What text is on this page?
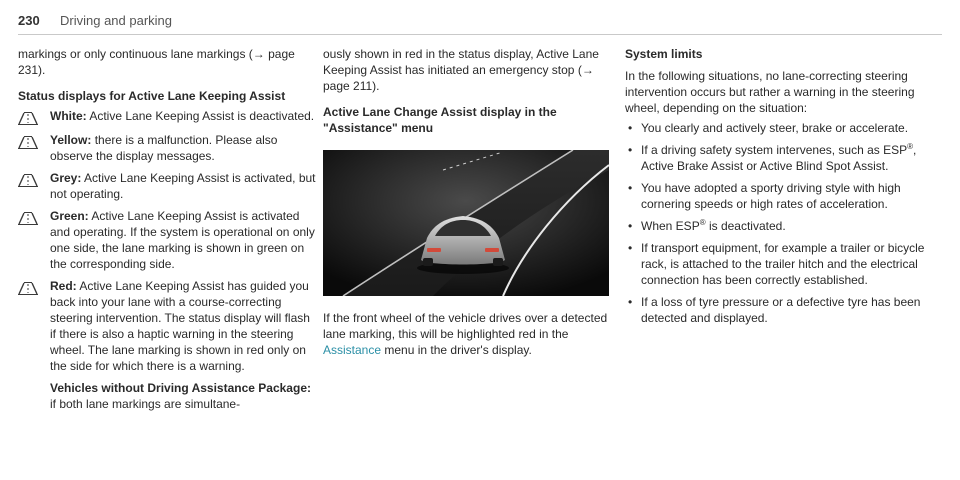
230 Driving and parking

markings or only continuous lane markings (→ page 231).

Status displays for Active Lane Keeping Assist
White: Active Lane Keeping Assist is deactivated.
Yellow: there is a malfunction. Please also observe the display messages.
Grey: Active Lane Keeping Assist is activated, but not operating.
Green: Active Lane Keeping Assist is activated and operating. If the system is operational on only one side, the lane marking is shown in green on the corresponding side.
Red: Active Lane Keeping Assist has guided you back into your lane with a course-correcting steering intervention. The status display will flash if there is also a haptic warning in the steering wheel. The lane marking is shown in red only on the side for which there is a warning.

Vehicles without Driving Assistance Package: if both lane markings are simultane-

ously shown in red in the status display, Active Lane Keeping Assist has initiated an emergency stop (→ page 211).

Active Lane Change Assist display in the "Assistance" menu

If the front wheel of the vehicle drives over a detected lane marking, this will be highlighted red in the Assistance menu in the driver's display.

System limits

In the following situations, no lane-correcting steering intervention occurs but rather a warning in the steering wheel, depending on the situation:

• You clearly and actively steer, brake or accelerate.
• If a driving safety system intervenes, such as ESP®, Active Brake Assist or Active Blind Spot Assist.
• You have adopted a sporty driving style with high cornering speeds or high rates of acceleration.
• When ESP® is deactivated.
• If transport equipment, for example a trailer or bicycle rack, is attached to the trailer hitch and the electrical connection has been correctly established.
• If a loss of tyre pressure or a defective tyre has been detected and displayed.
